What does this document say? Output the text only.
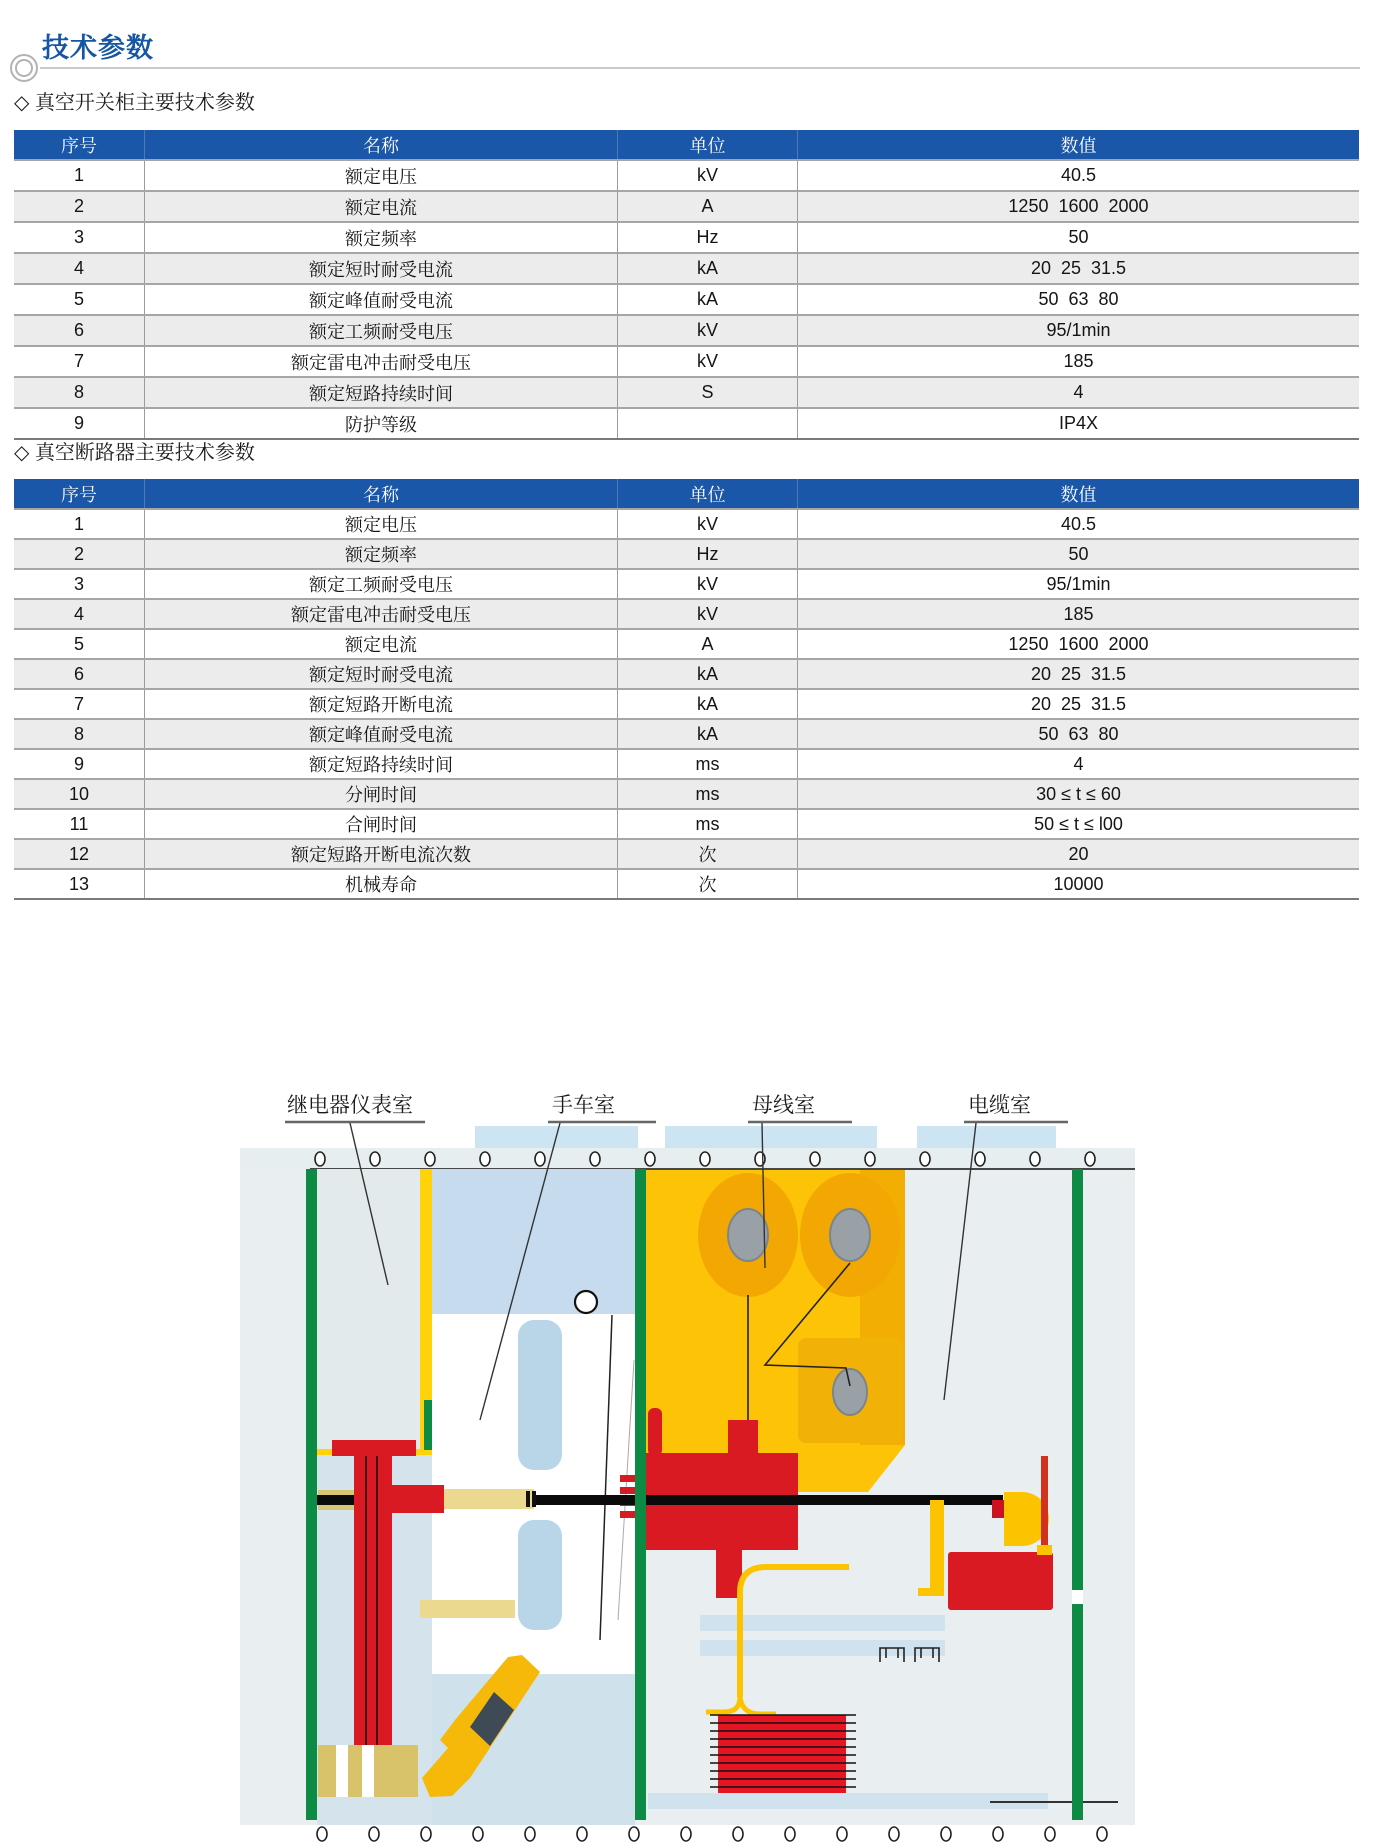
技术参数
◇ 真空开关柜主要技术参数
序号	名称	单位	数值
1	额定电压	kV	40.5
2	额定电流	A	1250  1600  2000
3	额定频率	Hz	50
4	额定短时耐受电流	kA	20  25  31.5
5	额定峰值耐受电流	kA	50  63  80
6	额定工频耐受电压	kV	95/1min
7	额定雷电冲击耐受电压	kV	185
8	额定短路持续时间	S	4
9	防护等级		IP4X
◇ 真空断路器主要技术参数
序号	名称	单位	数值
1	额定电压	kV	40.5
2	额定频率	Hz	50
3	额定工频耐受电压	kV	95/1min
4	额定雷电冲击耐受电压	kV	185
5	额定电流	A	1250  1600  2000
6	额定短时耐受电流	kA	20  25  31.5
7	额定短路开断电流	kA	20  25  31.5
8	额定峰值耐受电流	kA	50  63  80
9	额定短路持续时间	ms	4
10	分闸时间	ms	30 ≤ t ≤ 60
11	合闸时间	ms	50 ≤ t ≤ l00
12	额定短路开断电流次数	次	20
13	机械寿命	次	10000
继电器仪表室	手车室	母线室	电缆室
